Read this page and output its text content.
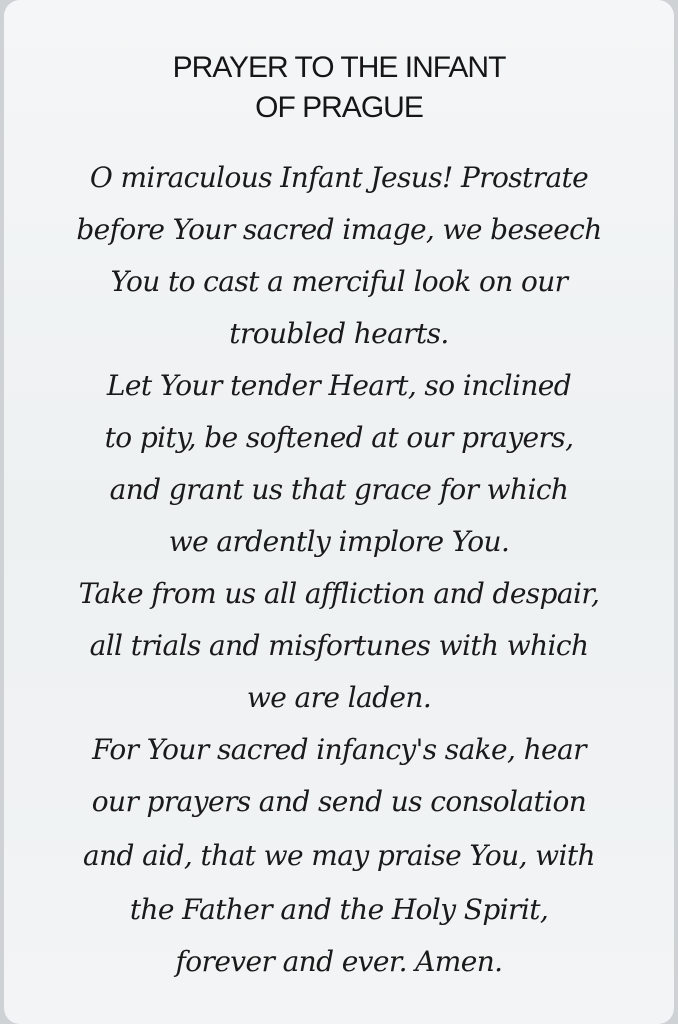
PRAYER TO THE INFANT
OF PRAGUE
O miraculous Infant Jesus! Prostrate
before Your sacred image, we beseech
You to cast a merciful look on our
troubled hearts.
Let Your tender Heart, so inclined
to pity, be softened at our prayers,
and grant us that grace for which
we ardently implore You.
Take from us all affliction and despair,
all trials and misfortunes with which
we are laden.
For Your sacred infancy's sake, hear
our prayers and send us consolation
and aid, that we may praise You, with
the Father and the Holy Spirit,
forever and ever. Amen.
